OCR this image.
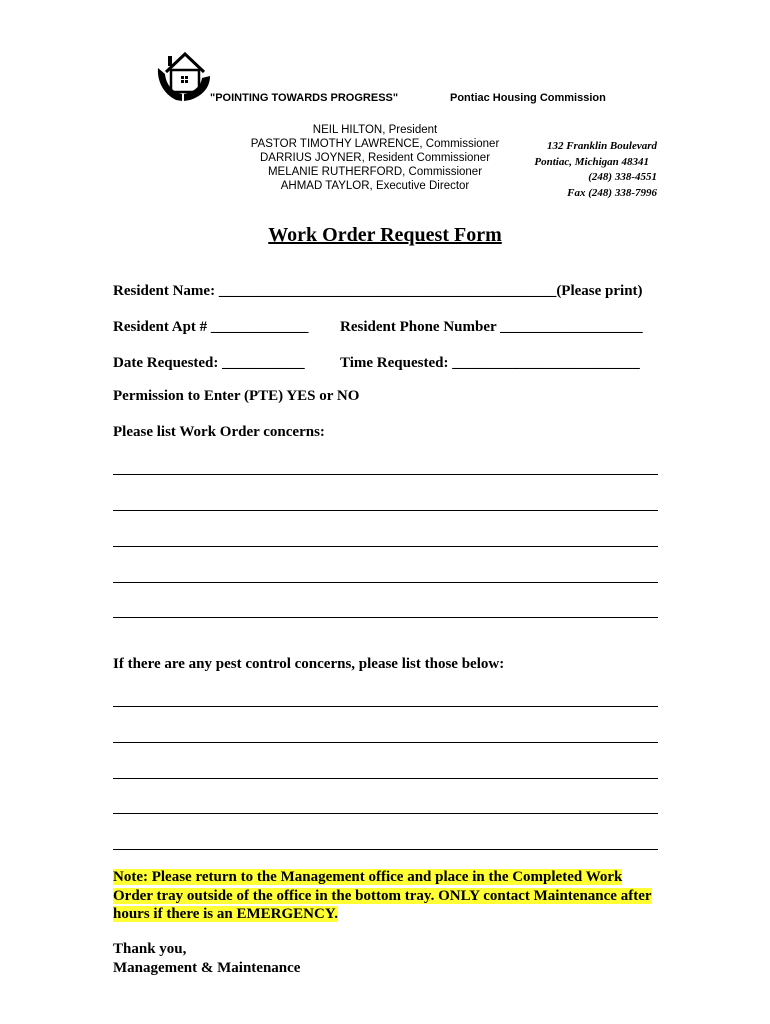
"POINTING TOWARDS PROGRESS"	Pontiac Housing Commission
NEIL HILTON, President
PASTOR TIMOTHY LAWRENCE, Commissioner
DARRIUS JOYNER, Resident Commissioner
MELANIE RUTHERFORD, Commissioner
AHMAD TAYLOR, Executive Director
132 Franklin Boulevard
Pontiac, Michigan 48341
(248) 338-4551
Fax (248) 338-7996
Work Order Request Form
Resident Name: _____________________________________________(Please print)
Resident Apt # _____________ Resident Phone Number ___________________
Date Requested: ___________ Time Requested: _________________________
Permission to Enter (PTE) YES or NO
Please list Work Order concerns:
If there are any pest control concerns, please list those below:
Note: Please return to the Management office and place in the Completed Work Order tray outside of the office in the bottom tray. ONLY contact Maintenance after hours if there is an EMERGENCY.
Thank you,
Management & Maintenance
